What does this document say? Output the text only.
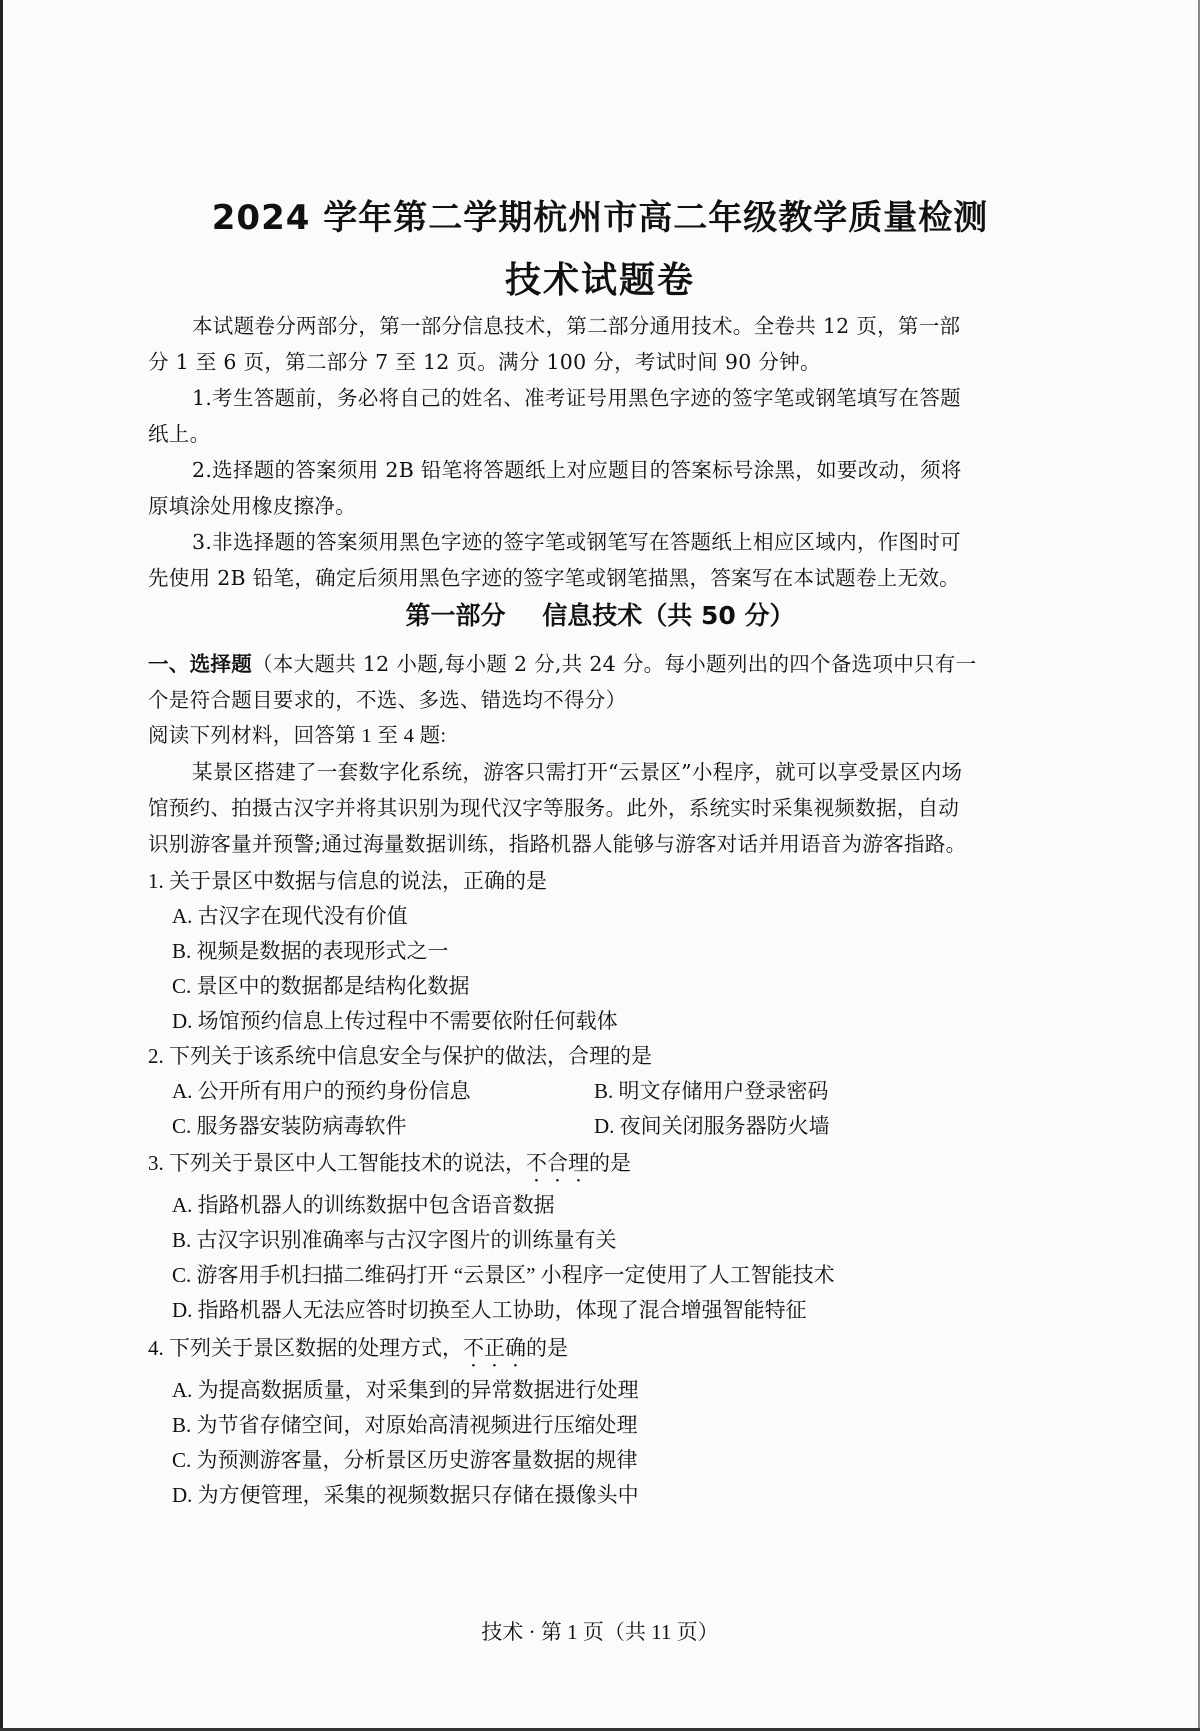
2024 学年第二学期杭州市高二年级教学质量检测
技术试题卷
本试题卷分两部分，第一部分信息技术，第二部分通用技术。全卷共 12 页，第一部
分 1 至 6 页，第二部分 7 至 12 页。满分 100 分，考试时间 90 分钟。
1.考生答题前，务必将自己的姓名、准考证号用黑色字迹的签字笔或钢笔填写在答题
纸上。
2.选择题的答案须用 2B 铅笔将答题纸上对应题目的答案标号涂黑，如要改动，须将
原填涂处用橡皮擦净。
3.非选择题的答案须用黑色字迹的签字笔或钢笔写在答题纸上相应区域内，作图时可
先使用 2B 铅笔，确定后须用黑色字迹的签字笔或钢笔描黑，答案写在本试题卷上无效。
第一部分 信息技术（共 50 分）
一、选择题（本大题共 12 小题,每小题 2 分,共 24 分。每小题列出的四个备选项中只有一
个是符合题目要求的，不选、多选、错选均不得分）
阅读下列材料，回答第 1 至 4 题:
某景区搭建了一套数字化系统，游客只需打开“云景区”小程序，就可以享受景区内场
馆预约、拍摄古汉字并将其识别为现代汉字等服务。此外，系统实时采集视频数据，自动
识别游客量并预警;通过海量数据训练，指路机器人能够与游客对话并用语音为游客指路。
1. 关于景区中数据与信息的说法，正确的是
A. 古汉字在现代没有价值
B. 视频是数据的表现形式之一
C. 景区中的数据都是结构化数据
D. 场馆预约信息上传过程中不需要依附任何载体
2. 下列关于该系统中信息安全与保护的做法，合理的是
A. 公开所有用户的预约身份信息	B. 明文存储用户登录密码
C. 服务器安装防病毒软件	D. 夜间关闭服务器防火墙
3. 下列关于景区中人工智能技术的说法，不合理的是
A. 指路机器人的训练数据中包含语音数据
B. 古汉字识别准确率与古汉字图片的训练量有关
C. 游客用手机扫描二维码打开 “云景区” 小程序一定使用了人工智能技术
D. 指路机器人无法应答时切换至人工协助，体现了混合增强智能特征
4. 下列关于景区数据的处理方式，不正确的是
A. 为提高数据质量，对采集到的异常数据进行处理
B. 为节省存储空间，对原始高清视频进行压缩处理
C. 为预测游客量，分析景区历史游客量数据的规律
D. 为方便管理，采集的视频数据只存储在摄像头中
技术 · 第 1 页（共 11 页）
